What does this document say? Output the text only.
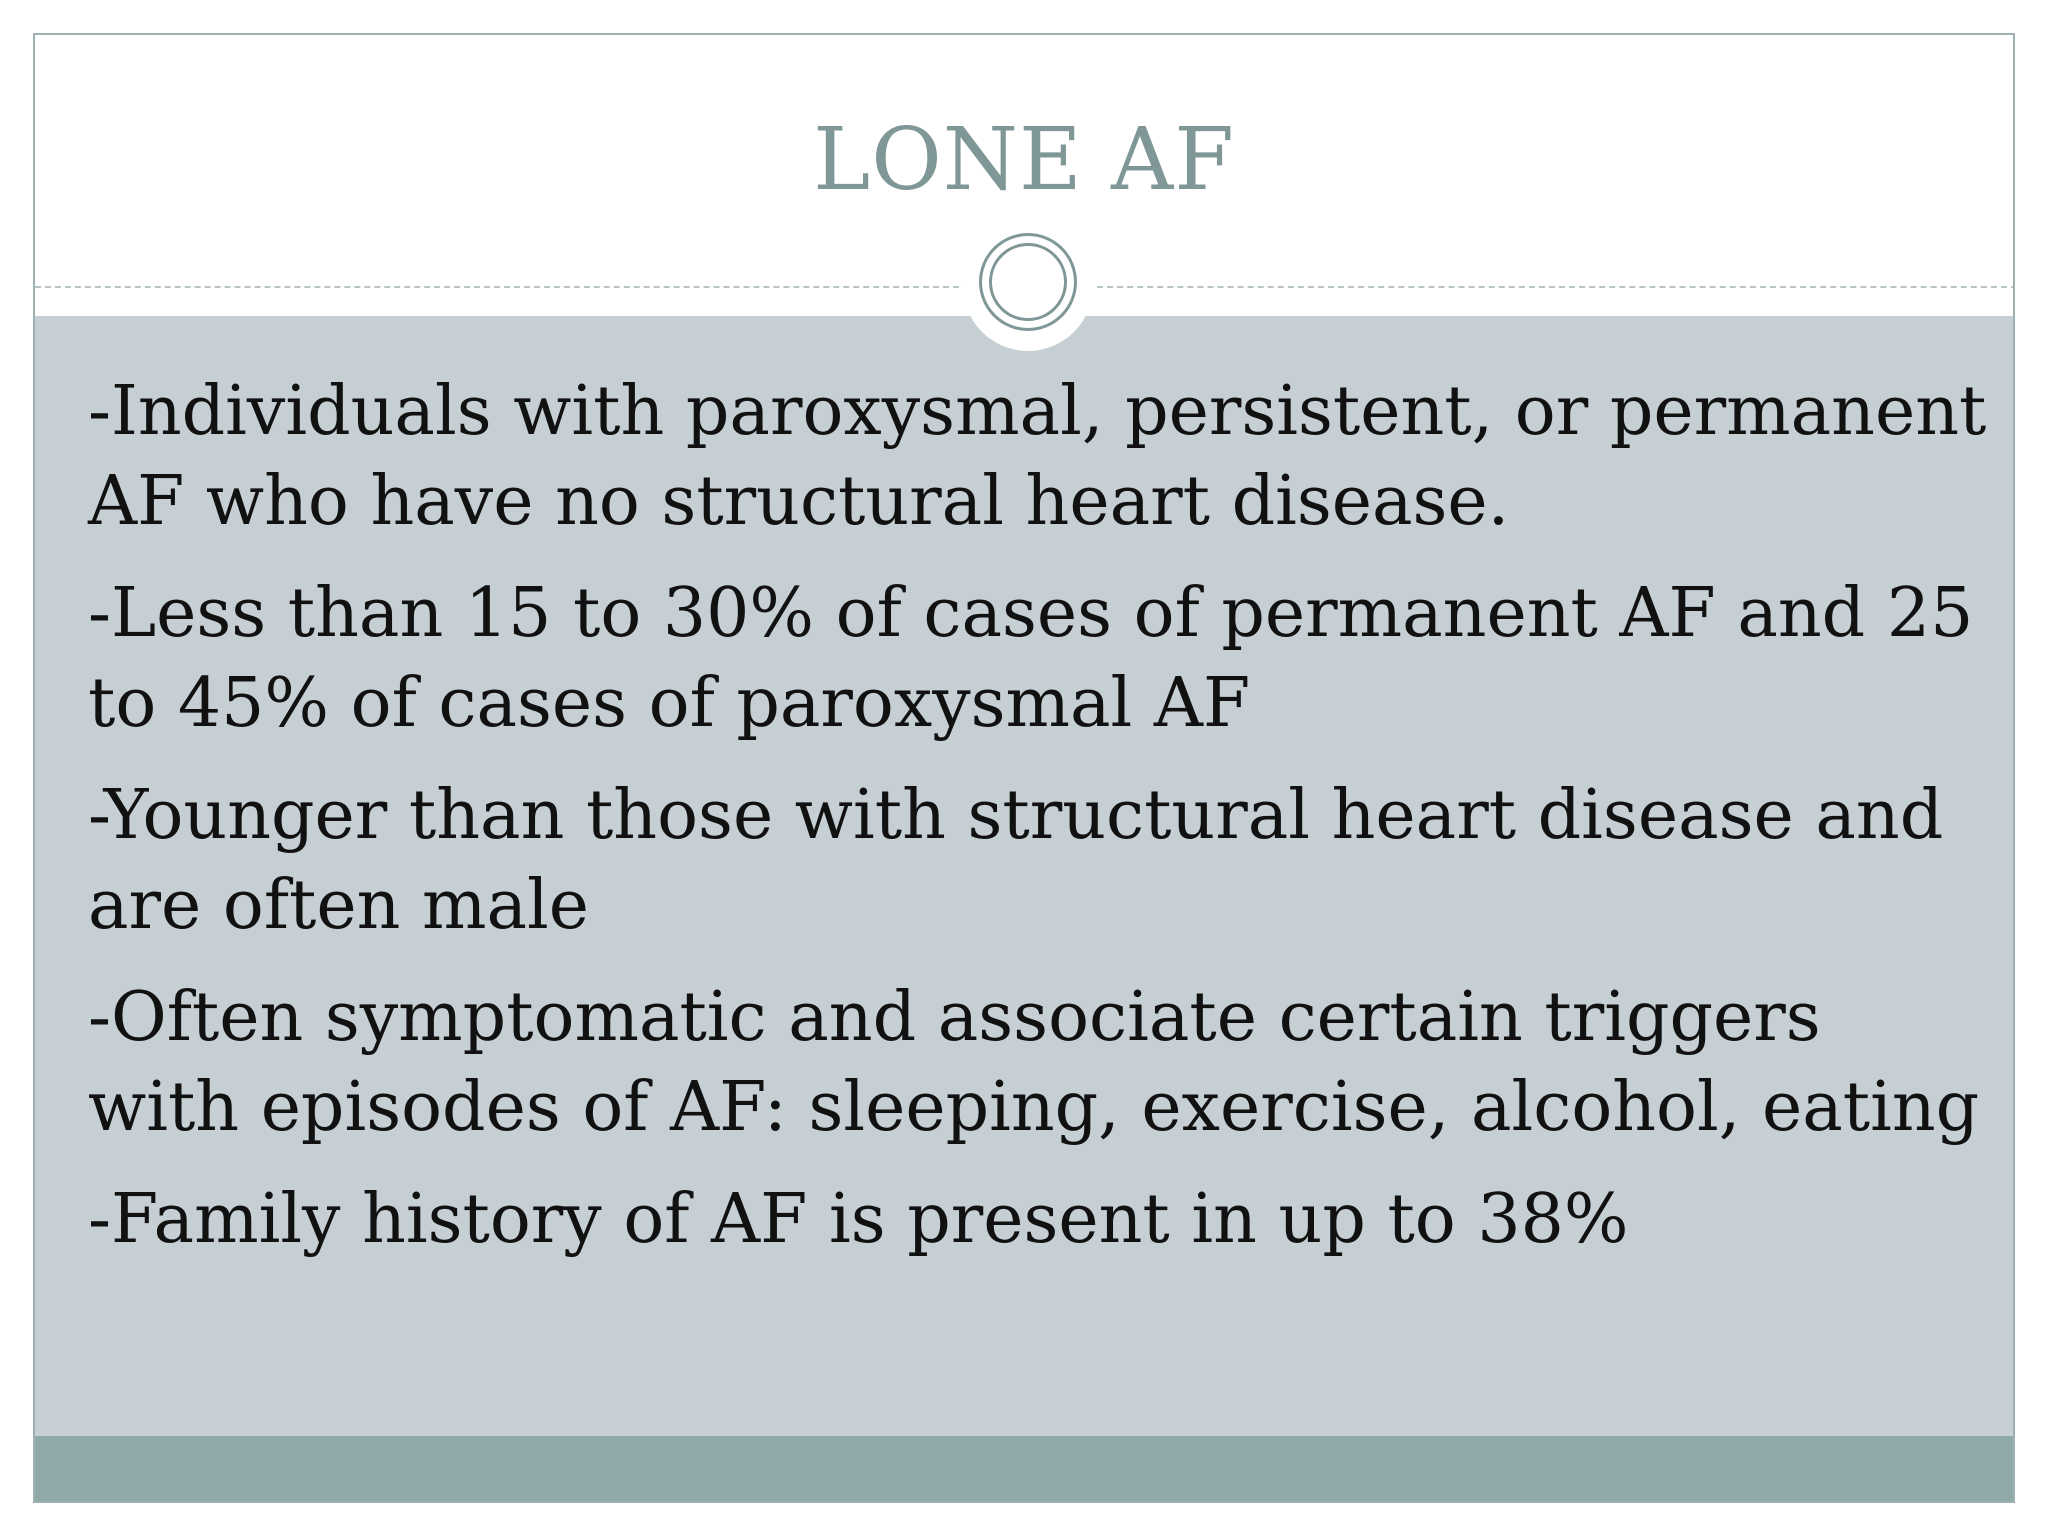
LONE AF
-Individuals with paroxysmal, persistent, or permanent AF who have no structural heart disease.
-Less than 15 to 30% of cases of permanent AF and 25 to 45% of cases of paroxysmal AF
-Younger than those with structural heart disease and are often male
-Often symptomatic and associate certain triggers with episodes of AF: sleeping, exercise, alcohol, eating
-Family history of AF is present in up to 38%
